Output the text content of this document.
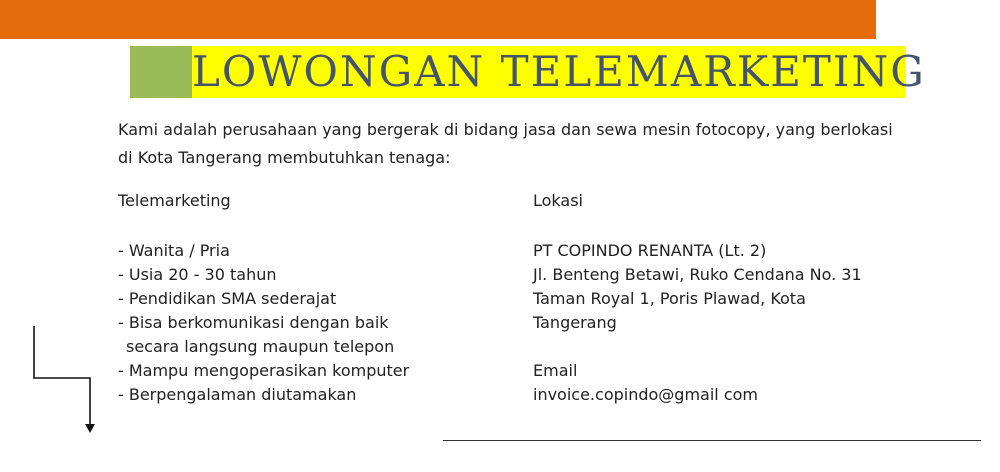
LOWONGAN TELEMARKETING
Kami adalah perusahaan yang bergerak di bidang jasa dan sewa mesin fotocopy, yang berlokasi
di Kota Tangerang membutuhkan tenaga:
Telemarketing
- Wanita / Pria
- Usia 20 - 30 tahun
- Pendidikan SMA sederajat
- Bisa berkomunikasi dengan baik
secara langsung maupun telepon
- Mampu mengoperasikan komputer
- Berpengalaman diutamakan
Lokasi
PT COPINDO RENANTA (Lt. 2)
Jl. Benteng Betawi, Ruko Cendana No. 31
Taman Royal 1, Poris Plawad, Kota
Tangerang
Email
invoice.copindo@gmail com
